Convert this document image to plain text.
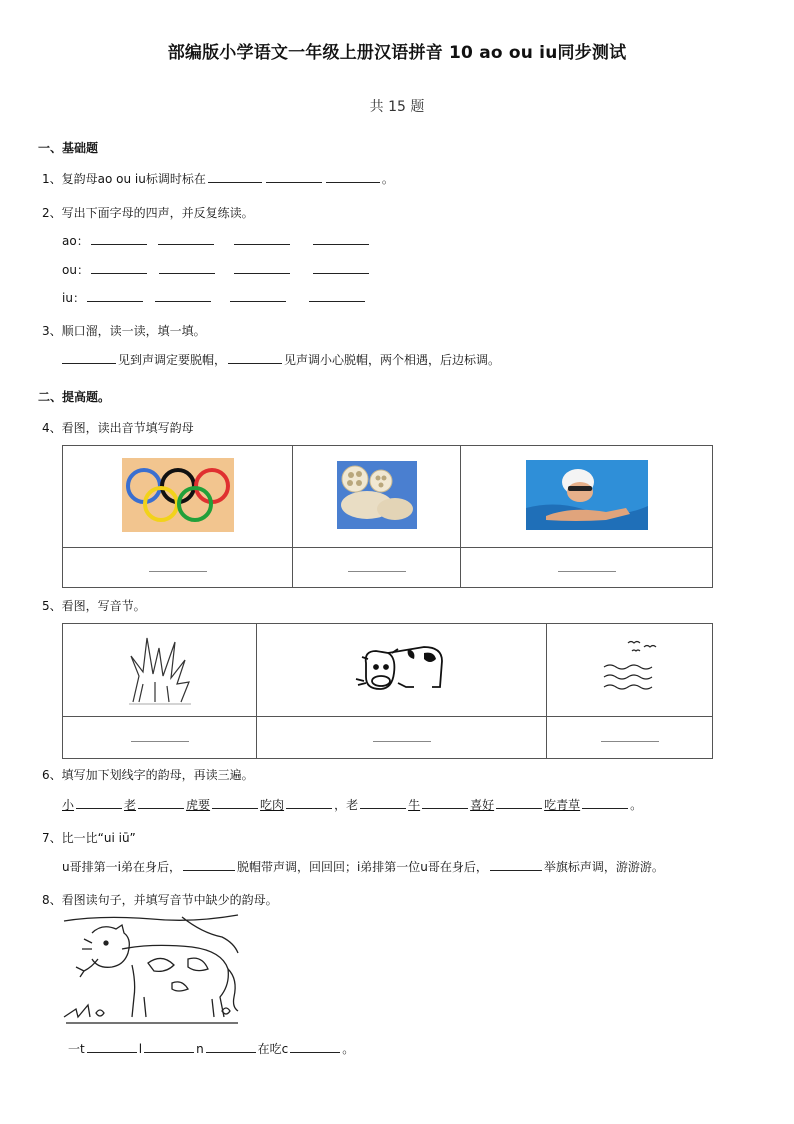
部编版小学语文一年级上册汉语拼音 10 ao ou iu同步测试
共 15 题
一、基础题
1、复韵母ao ou iu标调时标在	。
2、写出下面字母的四声，并反复练读。
ao：
ou：
iu：
3、顺口溜，读一读，填一填。
见到声调定要脱帽，	见声调小心脱帽，两个相遇，后边标调。
二、提高题。
4、看图，读出音节填写韵母

5、看图，写音节。

6、填写加下划线字的韵母，再读三遍。
小	老	虎要	吃肉	，老	牛	喜好	吃青草	。
7、比一比“ui iū”
u哥排第一i弟在身后，	脱帽带声调，回回回；i弟排第一位u哥在身后，	举旗标声调，游游游。
8、看图读句子，并填写音节中缺少的韵母。
一t	l	n	在吃c	。
